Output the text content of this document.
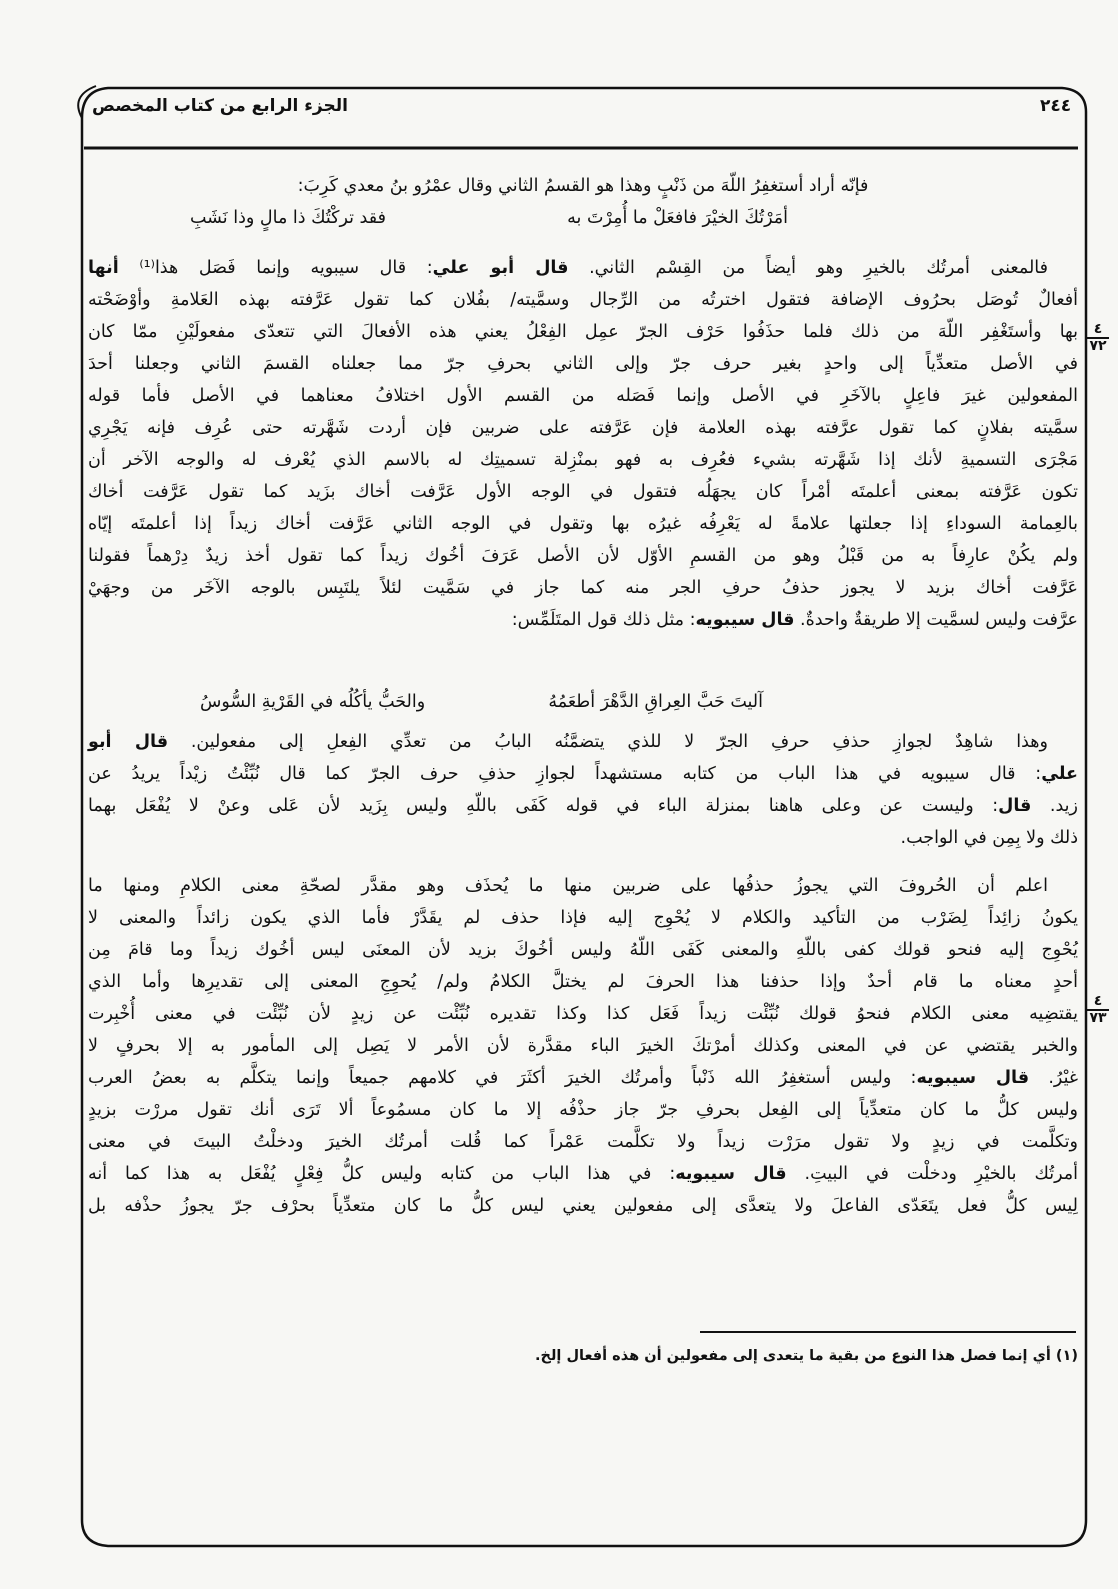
الجزء الرابع من كتاب المخصص	٢٤٤
فإنّه أراد أستغفِرُ اللّهَ من ذَنْبٍ وهذا هو القسمُ الثاني وقال عمْرُو بنُ معدي كَرِبَ:
أمَرْتُكَ الخيْرَ فافعَلْ ما أُمِرْتَ به
فقد تركْتُكَ ذا مالٍ وذا نَشَبِ
فالمعنى أمرتُك بالخيرِ وهو أيضاً من القِسْم الثاني. قال أبو علي: قال سيبويه وإنما فَصَل هذا⁽¹⁾ أنها
أفعالٌ تُوصَل بحرُوف الإضافة فتقول اخترتُه من الرِّجال وسمَّيته/ بفُلان كما تقول عَرَّفته بهذه العَلامةِ وأوْضَحْته
بها وأستَغْفِر اللّهَ من ذلك فلما حذَفُوا حَرْف الجرّ عمِل الفِعْلُ يعني هذه الأفعالَ التي تتعدّى مفعولَيْنِ ممّا كان
في الأصل متعدِّياً إلى واحدٍ بغير حرف جرّ وإلى الثاني بحرفِ جرّ مما جعلناه القسمَ الثاني وجعلنا أحدَ
المفعولين غيرَ فاعِلٍ بالآخَرِ في الأصل وإنما فَصَله من القسم الأول اختلافُ معناهما في الأصل فأما قوله
سمَّيته بفلانٍ كما تقول عرَّفته بهذه العلامة فإن عَرَّفته على ضربين فإن أردت شَهَّرته حتى عُرِف فإنه يَجْرِي
مَجْرَى التسميةِ لأنك إذا شَهَّرته بشيء فعُرِف به فهو بمنْزِلة تسميتِك له بالاسم الذي يُعْرف له والوجه الآخر أن
تكون عَرَّفته بمعنى أعلمتَه أمْراً كان يجهَلُه فتقول في الوجه الأول عَرَّفت أخاك بزَيد كما تقول عَرَّفت أخاك
بالعِمامة السوداءِ إذا جعلتها علامةً له يَعْرِفُه غيرُه بها وتقول في الوجه الثاني عَرَّفت أخاك زيداً إذا أعلمتَه إيّاه
ولم يكُنْ عارِفاً به من قَبْلُ وهو من القسمِ الأوّل لأن الأصل عَرَفَ أخُوك زيداً كما تقول أخذ زيدٌ دِرْهماً فقولنا
عَرَّفت أخاك بزيد لا يجوز حذفُ حرفِ الجر منه كما جاز في سَمَّيت لئلاً يلتَبِس بالوجه الآخَر من وجهَيْ
عرَّفت وليس لسمَّيت إلا طريقةٌ واحدةٌ. قال سيبويه: مثل ذلك قول المتَلَمِّس:
آليتَ حَبَّ العِراقِ الدَّهْرَ أطعَمُهُ
والحَبُّ يأكُلُه في القَرْيةِ السُّوسُ
وهذا شاهِدٌ لجوازِ حذفِ حرفِ الجرّ لا للذي يتضمَّنُه البابُ من تعدِّي الفِعلِ إلى مفعولين. قال أبو
علي: قال سيبويه في هذا الباب من كتابه مستشهداً لجوازِ حذفِ حرف الجرّ كما قال نُبِّئْتُ زيْداً يريدُ عن
زيد. قال: وليست عن وعلى هاهنا بمنزلة الباء في قوله كَفَى باللّهِ وليس بِزَيد لأن عَلى وعنْ لا يُفْعَل بهما
ذلك ولا بِمِن في الواجب.
اعلم أن الحُروفَ التي يجوزُ حذفُها على ضربين منها ما يُحذَف وهو مقدَّر لصحّةِ معنى الكلامِ ومنها ما
يكونُ زائِداً لِضَرْب من التأكيد والكلام لا يُحْوِج إليه فإذا حذف لم يقَدَّرْ فأما الذي يكون زائداً والمعنى لا
يُحْوِج إليه فنحو قولك كفى باللّهِ والمعنى كَفَى اللّهُ وليس أخُوكَ بزيد لأن المعنَى ليس أخُوك زيداً وما قامَ مِن
أحدٍ معناه ما قام أحدٌ وإذا حذفنا هذا الحرفَ لم يختلَّ الكلامُ ولم/ يُحوِجِ المعنى إلى تقديرِها وأما الذي
يقتضِيه معنى الكلام فنحوُ قولك نُبِّئْت زيداً فَعَل كذا وكذا تقديره نُبِّئْت عن زيدٍ لأن نُبِّئْت في معنى أُخْبِرت
والخبر يقتضي عن في المعنى وكذلك أمرْتكَ الخيرَ الباء مقدَّرة لأن الأمر لا يَصِل إلى المأمور به إلا بحرفٍ لا
غيْرُ. قال سيبويه: وليس أستغفِرُ الله ذَنْباً وأمرتُك الخيرَ أكثَرَ في كلامهم جميعاً وإنما يتكلَّم به بعضُ العرب
وليس كلُّ ما كان متعدِّياً إلى الفِعل بحرفِ جرّ جاز حذْفُه إلا ما كان مسمُوعاً ألا تَرَى أنك تقول مررْت بزيدٍ
وتكلَّمت في زيدٍ ولا تقول مرَرْت زيداً ولا تكلَّمت عَمْراً كما قُلت أمرتُك الخيرَ ودخلْتُ البيتَ في معنى
أمرتُك بالخيْرِ ودخلْت في البيتِ. قال سيبويه: في هذا الباب من كتابه وليس كلُّ فِعْلٍ يُفْعَل به هذا كما أنه
لِيس كلُّ فعل يتَعَدّى الفاعلَ ولا يتعدَّى إلى مفعولين يعني ليس كلُّ ما كان متعدِّياً بحرْف جرّ يجوزُ حذْفه بل
٤
٧٢
٤
٧٣
(١) أي إنما فصل هذا النوع من بقية ما يتعدى إلى مفعولين أن هذه أفعال إلخ.
